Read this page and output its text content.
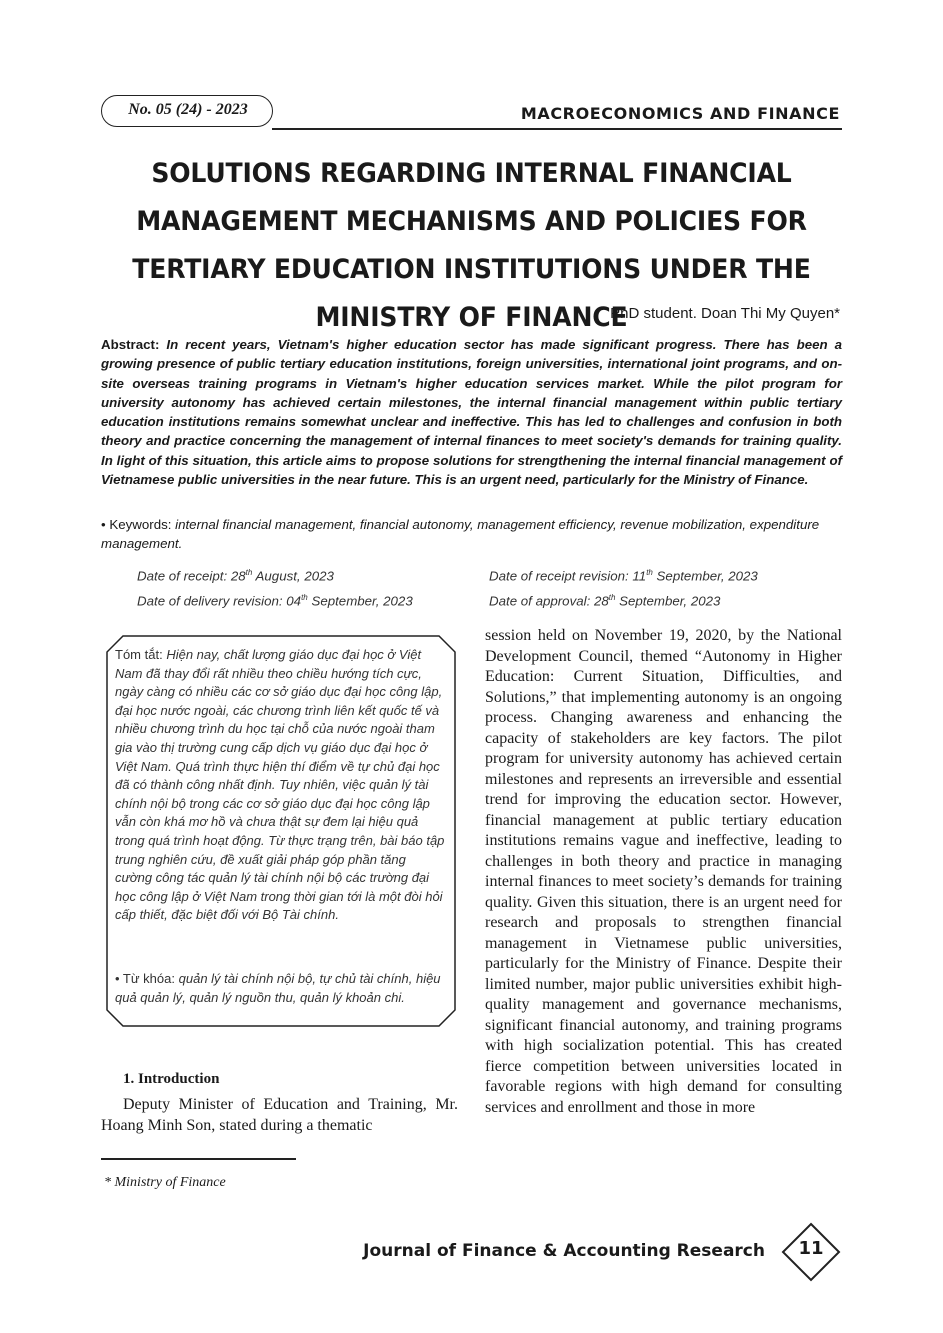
No. 05 (24) - 2023	MACROECONOMICS AND FINANCE
SOLUTIONS REGARDING INTERNAL FINANCIAL MANAGEMENT MECHANISMS AND POLICIES FOR TERTIARY EDUCATION INSTITUTIONS UNDER THE MINISTRY OF FINANCE
PhD student. Doan Thi My Quyen*

Abstract: In recent years, Vietnam's higher education sector has made significant progress. There has been a growing presence of public tertiary education institutions, foreign universities, international joint programs, and on-site overseas training programs in Vietnam's higher education services market. While the pilot program for university autonomy has achieved certain milestones, the internal financial management within public tertiary education institutions remains somewhat unclear and ineffective. This has led to challenges and confusion in both theory and practice concerning the management of internal finances to meet society's demands for training quality. In light of this situation, this article aims to propose solutions for strengthening the internal financial management of Vietnamese public universities in the near future. This is an urgent need, particularly for the Ministry of Finance.

• Keywords: internal financial management, financial autonomy, management efficiency, revenue mobilization, expenditure management.

Date of receipt: 28th August, 2023	Date of receipt revision: 11th September, 2023
Date of delivery revision: 04th September, 2023	Date of approval: 28th September, 2023
Tóm tắt: Hiện nay, chất lượng giáo dục đại học ở Việt Nam đã thay đổi rất nhiều theo chiều hướng tích cực, ngày càng có nhiều các cơ sở giáo dục đại học công lập, đại học nước ngoài, các chương trình liên kết quốc tế và nhiều chương trình du học tại chỗ của nước ngoài tham gia vào thị trường cung cấp dịch vụ giáo dục đại học ở Việt Nam. Quá trình thực hiện thí điểm về tự chủ đại học đã có thành công nhất định. Tuy nhiên, việc quản lý tài chính nội bộ trong các cơ sở giáo dục đại học công lập vẫn còn khá mơ hồ và chưa thật sự đem lại hiệu quả trong quá trình hoạt động. Từ thực trạng trên, bài báo tập trung nghiên cứu, đề xuất giải pháp góp phần tăng cường công tác quản lý tài chính nội bộ các trường đại học công lập ở Việt Nam trong thời gian tới là một đòi hỏi cấp thiết, đặc biệt đối với Bộ Tài chính.
• Từ khóa: quản lý tài chính nội bộ, tự chủ tài chính, hiệu quả quản lý, quản lý nguồn thu, quản lý khoản chi.
1. Introduction

Deputy Minister of Education and Training, Mr. Hoang Minh Son, stated during a thematic

session held on November 19, 2020, by the National Development Council, themed “Autonomy in Higher Education: Current Situation, Difficulties, and Solutions,” that implementing autonomy is an ongoing process. Changing awareness and enhancing the capacity of stakeholders are key factors. The pilot program for university autonomy has achieved certain milestones and represents an irreversible and essential trend for improving the education sector. However, financial management at public tertiary education institutions remains vague and ineffective, leading to challenges in both theory and practice in managing internal finances to meet society’s demands for training quality. Given this situation, there is an urgent need for research and proposals to strengthen financial management in Vietnamese public universities, particularly for the Ministry of Finance. Despite their limited number, major public universities exhibit high-quality management and governance mechanisms, significant financial autonomy, and training programs with high socialization potential. This has created fierce competition between universities located in favorable regions with high demand for consulting services and enrollment and those in more

* Ministry of Finance
Journal of Finance & Accounting Research	11
